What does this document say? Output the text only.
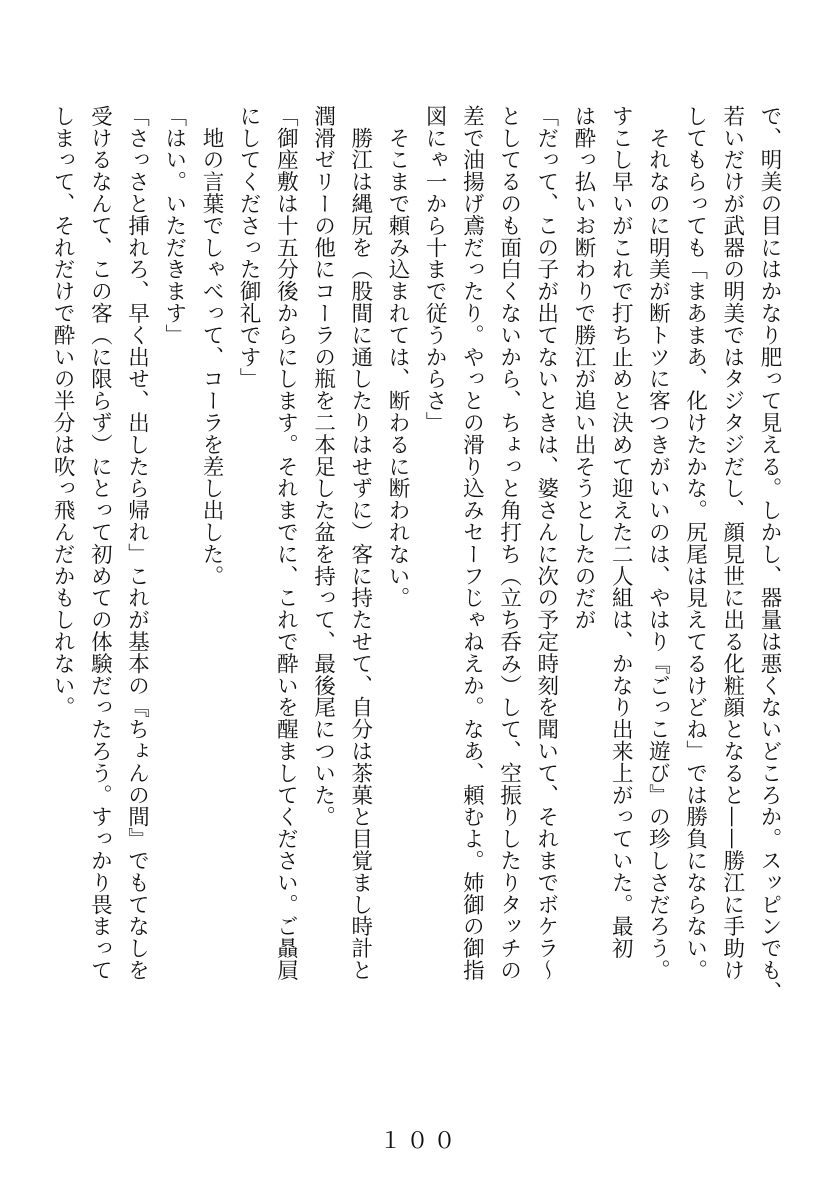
で、明美の目にはかなり肥って見える。しかし、器量は悪くないどころか。スッピンでも、
若いだけが武器の明美ではタジタジだし、顔見世に出る化粧顔となると——勝江に手助け
してもらっても「まあまあ、化けたかな。尻尾は見えてるけどね」では勝負にならない。
　それなのに明美が断トツに客つきがいいのは、やはり『ごっこ遊び』の珍しさだろう。
すこし早いがこれで打ち止めと決めて迎えた二人組は、かなり出来上がっていた。最初
は酔っ払いお断わりで勝江が追い出そうとしたのだが
「だって、この子が出てないときは、婆さんに次の予定時刻を聞いて、それまでボケラ～
としてるのも面白くないから、ちょっと角打ち（立ち呑み）して、空振りしたりタッチの
差で油揚げ鳶だったり。やっとの滑り込みセーフじゃねえか。なあ、頼むよ。姉御の御指
図にゃ一から十まで従うからさ」
　そこまで頼み込まれては、断わるに断われない。
　勝江は縄尻を（股間に通したりはせずに）客に持たせて、自分は茶菓と目覚まし時計と
潤滑ゼリーの他にコーラの瓶を二本足した盆を持って、最後尾についた。
「御座敷は十五分後からにします。それまでに、これで酔いを醒ましてください。ご贔屓
にしてくださった御礼です」
　地の言葉でしゃべって、コーラを差し出した。
「はい。いただきます」
「さっさと挿れろ、早く出せ、出したら帰れ」これが基本の『ちょんの間』でもてなしを
受けるなんて、この客（に限らず）にとって初めての体験だったろう。すっかり畏まって
しまって、それだけで酔いの半分は吹っ飛んだかもしれない。
１００
